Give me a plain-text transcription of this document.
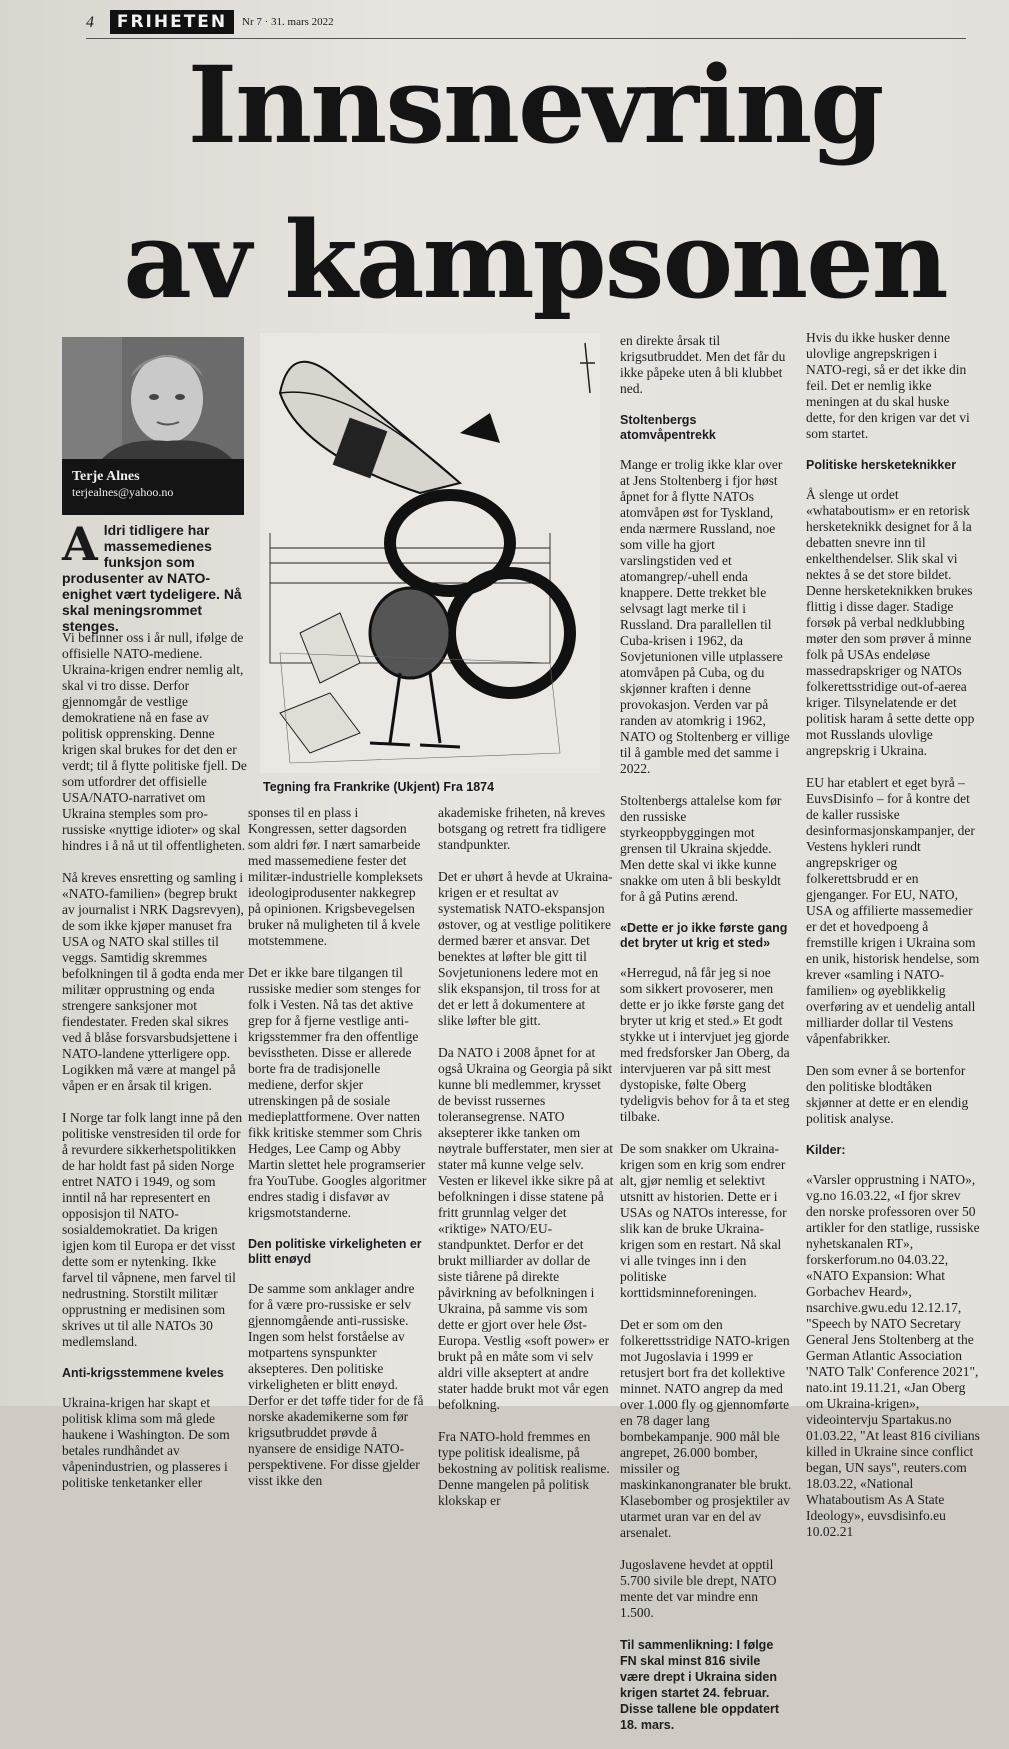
4	FRIHETEN	Nr 7 · 31. mars 2022
Innsnevring
av kampsonen
Terje Alnes
terjealnes@yahoo.no
Aldri tidligere har massemedienes funksjon som produsenter av NATO-enighet vært tydeligere. Nå skal meningsrommet stenges.

Vi befinner oss i år null, ifølge de offisielle NATO-mediene. Ukraina-krigen endrer nemlig alt, skal vi tro disse. Derfor gjennomgår de vestlige demokratiene nå en fase av politisk opprensking. Denne krigen skal brukes for det den er verdt; til å flytte politiske fjell. De som utfordrer det offisielle USA/NATO-narrativet om Ukraina stemples som pro-russiske «nyttige idioter» og skal hindres i å nå ut til offentligheten.

Nå kreves ensretting og samling i «NATO-familien» (begrep brukt av journalist i NRK Dagsrevyen), de som ikke kjøper manuset fra USA og NATO skal stilles til veggs. Samtidig skremmes befolkningen til å godta enda mer militær opprustning og enda strengere sanksjoner mot fiendestater. Freden skal sikres ved å blåse forsvarsbudsjettene i NATO-landene ytterligere opp. Logikken må være at mangel på våpen er en årsak til krigen.

I Norge tar folk langt inne på den politiske venstresiden til orde for å revurdere sikkerhetspolitikken de har holdt fast på siden Norge entret NATO i 1949, og som inntil nå har representert en opposisjon til NATO-sosialdemokratiet. Da krigen igjen kom til Europa er det visst dette som er nytenking. Ikke farvel til våpnene, men farvel til nedrustning. Storstilt militær opprustning er medisinen som skrives ut til alle NATOs 30 medlemsland.

Anti-krigsstemmene kveles

Ukraina-krigen har skapt et politisk klima som må glede haukene i Washington. De som betales rundhåndet av våpenindustrien, og plasseres i politiske tenketanker eller

Tegning fra Frankrike (Ukjent) Fra 1874

sponses til en plass i Kongressen, setter dagsorden som aldri før. I nært samarbeide med massemediene fester det militær-industrielle kompleksets ideologiprodusenter nakkegrep på opinionen. Krigsbevegelsen bruker nå muligheten til å kvele motstemmene.

Det er ikke bare tilgangen til russiske medier som stenges for folk i Vesten. Nå tas det aktive grep for å fjerne vestlige anti-krigsstemmer fra den offentlige bevisstheten. Disse er allerede borte fra de tradisjonelle mediene, derfor skjer utrenskingen på de sosiale medieplattformene. Over natten fikk kritiske stemmer som Chris Hedges, Lee Camp og Abby Martin slettet hele programserier fra YouTube. Googles algoritmer endres stadig i disfavør av krigsmotstanderne.

Den politiske virkeligheten er blitt enøyd

De samme som anklager andre for å være pro-russiske er selv gjennomgående anti-russiske. Ingen som helst forståelse av motpartens synspunkter aksepteres. Den politiske virkeligheten er blitt enøyd. Derfor er det tøffe tider for de få norske akademikerne som før krigsutbruddet prøvde å nyansere de ensidige NATO-perspektivene. For disse gjelder visst ikke den

akademiske friheten, nå kreves botsgang og retrett fra tidligere standpunkter.

Det er uhørt å hevde at Ukraina-krigen er et resultat av systematisk NATO-ekspansjon østover, og at vestlige politikere dermed bærer et ansvar. Det benektes at løfter ble gitt til Sovjetunionens ledere mot en slik ekspansjon, til tross for at det er lett å dokumentere at slike løfter ble gitt.

Da NATO i 2008 åpnet for at også Ukraina og Georgia på sikt kunne bli medlemmer, krysset de bevisst russernes toleransegrense. NATO aksepterer ikke tanken om nøytrale bufferstater, men sier at stater må kunne velge selv. Vesten er likevel ikke sikre på at befolkningen i disse statene på fritt grunnlag velger det «riktige» NATO/EU-standpunktet. Derfor er det brukt milliarder av dollar de siste tiårene på direkte påvirkning av befolkningen i Ukraina, på samme vis som dette er gjort over hele Øst-Europa. Vestlig «soft power» er brukt på en måte som vi selv aldri ville akseptert at andre stater hadde brukt mot vår egen befolkning.

Fra NATO-hold fremmes en type politisk idealisme, på bekostning av politisk realisme. Denne mangelen på politisk klokskap er

en direkte årsak til krigsutbruddet. Men det får du ikke påpeke uten å bli klubbet ned.

Stoltenbergs atomvåpentrekk

Mange er trolig ikke klar over at Jens Stoltenberg i fjor høst åpnet for å flytte NATOs atomvåpen øst for Tyskland, enda nærmere Russland, noe som ville ha gjort varslingstiden ved et atomangrep/-uhell enda knappere. Dette trekket ble selvsagt lagt merke til i Russland. Dra parallellen til Cuba-krisen i 1962, da Sovjetunionen ville utplassere atomvåpen på Cuba, og du skjønner kraften i denne provokasjon. Verden var på randen av atomkrig i 1962, NATO og Stoltenberg er villige til å gamble med det samme i 2022.

Stoltenbergs attalelse kom før den russiske styrkeoppbyggingen mot grensen til Ukraina skjedde. Men dette skal vi ikke kunne snakke om uten å bli beskyldt for å gå Putins ærend.

«Dette er jo ikke første gang det bryter ut krig et sted»

«Herregud, nå får jeg si noe som sikkert provoserer, men dette er jo ikke første gang det bryter ut krig et sted.» Et godt stykke ut i intervjuet jeg gjorde med fredsforsker Jan Oberg, da intervjueren var på sitt mest dystopiske, følte Oberg tydeligvis behov for å ta et steg tilbake.

De som snakker om Ukraina-krigen som en krig som endrer alt, gjør nemlig et selektivt utsnitt av historien. Dette er i USAs og NATOs interesse, for slik kan de bruke Ukraina-krigen som en restart. Nå skal vi alle tvinges inn i den politiske korttidsminneforeningen.

Det er som om den folkerettsstridige NATO-krigen mot Jugoslavia i 1999 er retusjert bort fra det kollektive minnet. NATO angrep da med over 1.000 fly og gjennomførte en 78 dager lang bombekampanje. 900 mål ble angrepet, 26.000 bomber, missiler og maskinkanongranater ble brukt. Klasebomber og prosjektiler av utarmet uran var en del av arsenalet.

Jugoslavene hevdet at opptil 5.700 sivile ble drept, NATO mente det var mindre enn 1.500.

Til sammenlikning: I følge FN skal minst 816 sivile være drept i Ukraina siden krigen startet 24. februar. Disse tallene ble oppdatert 18. mars.

Hvis du ikke husker denne ulovlige angrepskrigen i NATO-regi, så er det ikke din feil. Det er nemlig ikke meningen at du skal huske dette, for den krigen var det vi som startet.

Politiske hersketeknikker

Å slenge ut ordet «whataboutism» er en retorisk hersketeknikk designet for å la debatten snevre inn til enkelthendelser. Slik skal vi nektes å se det store bildet. Denne hersketeknikken brukes flittig i disse dager. Stadige forsøk på verbal nedklubbing møter den som prøver å minne folk på USAs endeløse massedrapskriger og NATOs folkerettsstridige out-of-aerea kriger. Tilsynelatende er det politisk haram å sette dette opp mot Russlands ulovlige angrepskrig i Ukraina.

EU har etablert et eget byrå – EuvsDisinfo – for å kontre det de kaller russiske desinformasjonskampanjer, der Vestens hykleri rundt angrepskriger og folkerettsbrudd er en gjenganger. For EU, NATO, USA og affilierte massemedier er det et hovedpoeng å fremstille krigen i Ukraina som en unik, historisk hendelse, som krever «samling i NATO-familien» og øyeblikkelig overføring av et uendelig antall milliarder dollar til Vestens våpenfabrikker.

Den som evner å se bortenfor den politiske blodtåken skjønner at dette er en elendig politisk analyse.

Kilder:

«Varsler opprustning i NATO», vg.no 16.03.22, «I fjor skrev den norske professoren over 50 artikler for den statlige, russiske nyhetskanalen RT», forskerforum.no 04.03.22, «NATO Expansion: What Gorbachev Heard», nsarchive.gwu.edu 12.12.17, "Speech by NATO Secretary General Jens Stoltenberg at the German Atlantic Association 'NATO Talk' Conference 2021", nato.int 19.11.21, «Jan Oberg om Ukraina-krigen», videointervju Spartakus.no 01.03.22, "At least 816 civilians killed in Ukraine since conflict began, UN says", reuters.com 18.03.22, «National Whataboutism As A State Ideology», euvsdisinfo.eu 10.02.21
